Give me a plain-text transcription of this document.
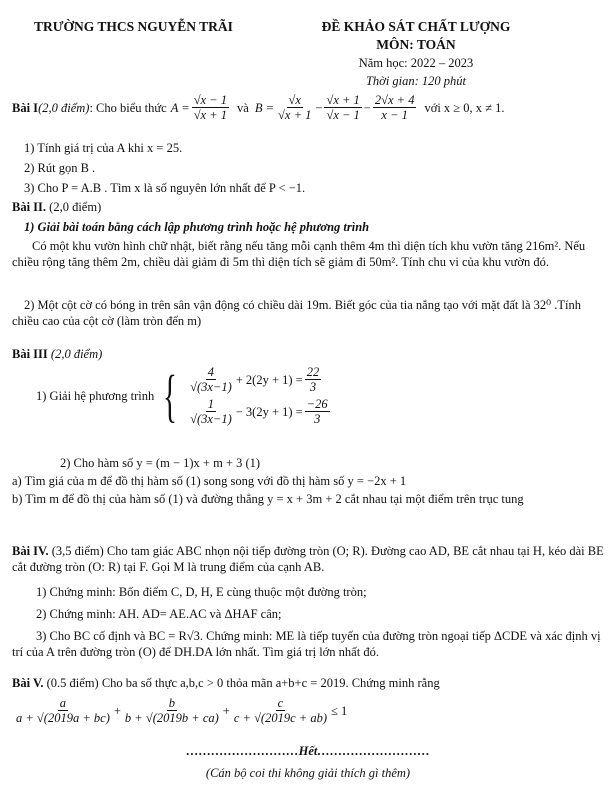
TRƯỜNG THCS NGUYỄN TRÃI	ĐỀ KHẢO SÁT CHẤT LƯỢNG
MÔN: TOÁN
Năm học: 2022 – 2023
Thời gian: 120 phút
Bài I (2,0 điểm) : Cho biểu thức $A = \frac{√x - 1}{√x + 1}$ và $B = \frac{√x}{√x + 1} - \frac{√x + 1}{√x - 1} - \frac{2√x + 4}{x - 1}$ với x ≥ 0, x ≠ 1.
1) Tính giá trị của A khi x = 25.
2) Rút gọn B .
3) Cho P = A.B . Tìm x là số nguyên lớn nhất để P < −1.
Bài II. (2,0 điểm)
1) Giải bài toán bằng cách lập phương trình hoặc hệ phương trình
Có một khu vườn hình chữ nhật, biết rằng nếu tăng mỗi cạnh thêm 4m thì diện tích khu vườn tăng 216m². Nếu chiều rộng tăng thêm 2m, chiều dài giảm đi 5m thì diện tích sẽ giảm đi 50m². Tính chu vi của khu vườn đó.
2) Một cột cờ có bóng in trên sân vận động có chiều dài 19m. Biết góc của tia nắng tạo với mặt đất là 32⁰ .Tính chiều cao của cột cờ (làm tròn đến m)
Bài III (2,0 điểm)
1) Giải hệ phương trình { $\frac{4}{√(3x-1)} + 2(2y + 1) = \frac{22}{3}$
$\frac{1}{√(3x-1)} - 3(2y + 1) = \frac{-26}{3}$
2) Cho hàm số y = (m − 1)x + m + 3 (1)
a) Tìm giá của m để đồ thị hàm số (1) song song với đồ thị hàm số y = −2x + 1
b) Tìm m để đồ thị của hàm số (1) và đường thẳng y = x + 3m + 2 cắt nhau tại một điểm trên trục tung
Bài IV. (3,5 điểm) Cho tam giác ABC nhọn nội tiếp đường tròn (O; R). Đường cao AD, BE cắt nhau tại H, kéo dài BE cắt đường tròn (O: R) tại F. Gọi M là trung điểm của cạnh AB.
1) Chứng minh: Bốn điểm C, D, H, E cùng thuộc một đường tròn;
2) Chứng minh: AH. AD= AE.AC và ΔHAF cân;
3) Cho BC cố định và BC = R√3. Chứng minh: ME là tiếp tuyến của đường tròn ngoại tiếp ΔCDE và xác định vị trí của A trên đường tròn (O) để DH.DA lớn nhất. Tìm giá trị lớn nhất đó.
Bài V. (0.5 điểm) Cho ba số thực a,b,c > 0 thỏa mãn a+b+c = 2019. Chứng minh rằng
$\frac{a}{a + √(2019a + bc)} + \frac{b}{b + √(2019b + ca)} + \frac{c}{c + √(2019c + ab)} \le 1$
………………………Hết………………………
(Cán bộ coi thi không giải thích gì thêm)
